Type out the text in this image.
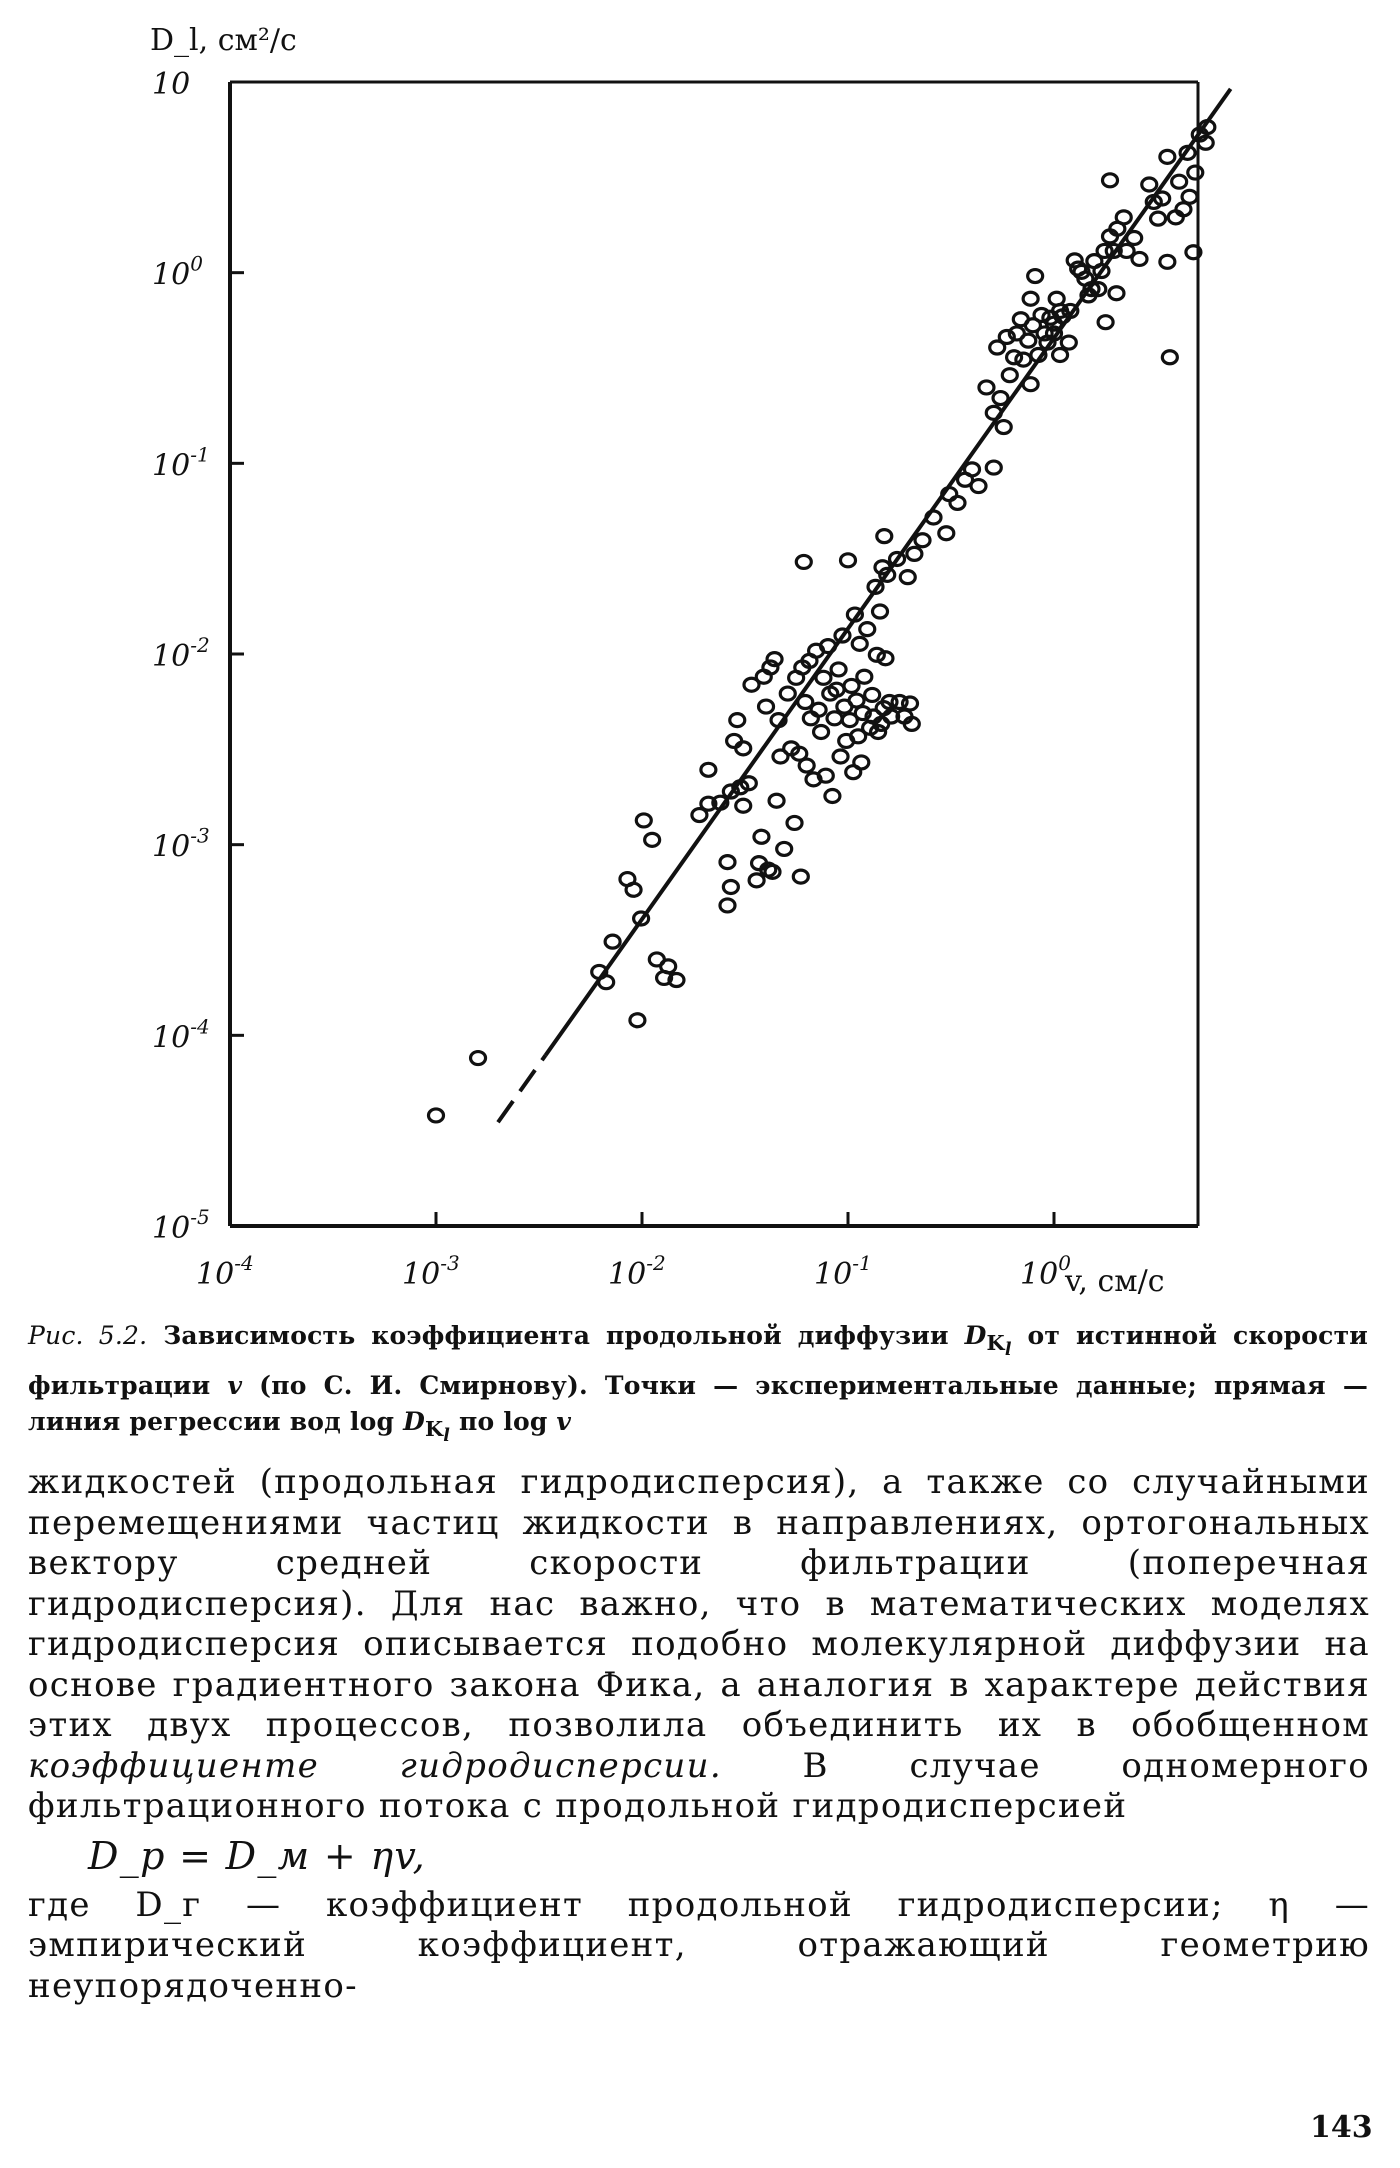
$10^{-4}$	$10^{-3}$	$10^{-2}$	$10^{-1}$	$10^0$
10
$10^0$
$10^{-1}$
$10^{-2}$
$10^{-3}$
$10^{-4}$
$10^{-5}$
D_l, см²/с
v, см/с
Рис. 5.2. Зависимость коэффициента продольной диффузии $D_{K_l}$ от истинной скорости фильтрации v (по С. И. Смирнову). Точки — экспериментальные данные; прямая — линия регрессии вод $\log D_{K_l}$ по log v

жидкостей (продольная гидродисперсия), а также со случайными перемещениями частиц жидкости в направлениях, ортогональных вектору средней скорости фильтрации (поперечная гидродисперсия). Для нас важно, что в математических моделях гидродисперсия описывается подобно молекулярной диффузии на основе градиентного закона Фика, а аналогия в характере действия этих двух процессов, позволила объединить их в обобщенном коэффициенте гидродисперсии. В случае одномерного фильтрационного потока с продольной гидродисперсией

D_р = D_м + ηv,

где D_г — коэффициент продольной гидродисперсии; η — эмпирический коэффициент, отражающий геометрию неупорядоченно-

143
